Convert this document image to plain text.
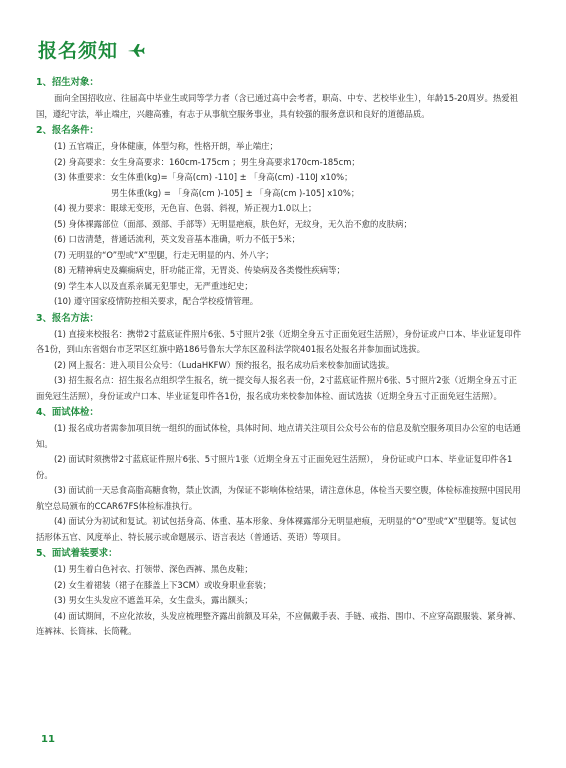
报名须知
1、招生对象：

面向全国招收应、往届高中毕业生或同等学力者（含已通过高中会考者，职高、中专、艺校毕业生），年龄15-20周岁。热爱祖国，遵纪守法，举止端庄，兴趣高雅，有志于从事航空服务事业，具有较强的服务意识和良好的道德品质。

2、报名条件：

(1) 五官端正，身体健康，体型匀称，性格开朗，举止端庄；

(2) 身高要求：女生身高要求：160cm-175cm ；男生身高要求170cm-185cm；

(3) 体重要求：女生体重(kg)=「身高(cm) -110] ± 「身高(cm) -110J x10%；

男生体重(kg) = 「身高(cm )-105] ± 「身高(cm )-105] x10%；

(4) 视力要求：眼球无变形，无色盲、色弱、斜视，矫正视力1.0以上；

(5) 身体裸露部位（面部、颈部、手部等）无明显疤痕，肤色好，无纹身，无久治不愈的皮肤病；

(6) 口齿清楚，普通话流利，英文发音基本准确，听力不低于5米；

(7) 无明显的“O”型或“X”型腿，行走无明显的内、外八字；

(8) 无精神病史及癫痫病史，肝功能正常，无胃炎、传染病及各类慢性疾病等；

(9) 学生本人以及直系亲属无犯罪史，无严重违纪史；

(10) 遵守国家疫情防控相关要求，配合学校疫情管理。

3、报名方法：

(1) 直接来校报名：携带2寸蓝底证件照片6张、5寸照片2张（近期全身五寸正面免冠生活照），身份证或户口本、毕业证复印件各1份，到山东省烟台市芝罘区红旗中路186号鲁东大学东区盈科法学院401报名处报名并参加面试选拔。

(2) 网上报名：进入项目公众号：（LudaHKFW）预约报名，报名成功后来校参加面试选拔。

(3) 招生报名点：招生报名点组织学生报名，统一提交每人报名表一份，2寸蓝底证件照片6张、5寸照片2张（近期全身五寸正面免冠生活照），身份证或户口本、毕业证复印件各1份，报名成功来校参加体检、面试选拔（近期全身五寸正面免冠生活照）。

4、面试体检：

(1) 报名成功者需参加项目统一组织的面试体检，具体时间、地点请关注项目公众号公布的信息及航空服务项目办公室的电话通知。

(2) 面试时须携带2寸蓝底证件照片6张、5寸照片1张（近期全身五寸正面免冠生活照）， 身份证或户口本、毕业证复印件各1份。

(3) 面试前一天忌食高脂高糖食物，禁止饮酒，为保证不影响体检结果，请注意休息，体检当天要空腹，体检标准按照中国民用航空总局颁布的CCAR67FS体检标准执行。

(4) 面试分为初试和复试。初试包括身高、体重、基本形象、身体裸露部分无明显疤痕，无明显的“O”型或“X”型腿等。复试包括形体五官、风度举止、特长展示或命题展示、语言表达（普通话、英语）等项目。

5、面试着装要求：

(1) 男生着白色衬衣、打领带、深色西裤、黑色皮鞋；

(2) 女生着裙装（裙子在膝盖上下3CM）或收身职业套装；

(3) 男女生头发应不遮盖耳朵，女生盘头，露出额头；

(4) 面试期间，不应化浓妆，头发应梳理整齐露出前额及耳朵，不应佩戴手表、手链、戒指、围巾、不应穿高跟服装、紧身裤、连裤袜、长筒袜、长筒靴。

11
